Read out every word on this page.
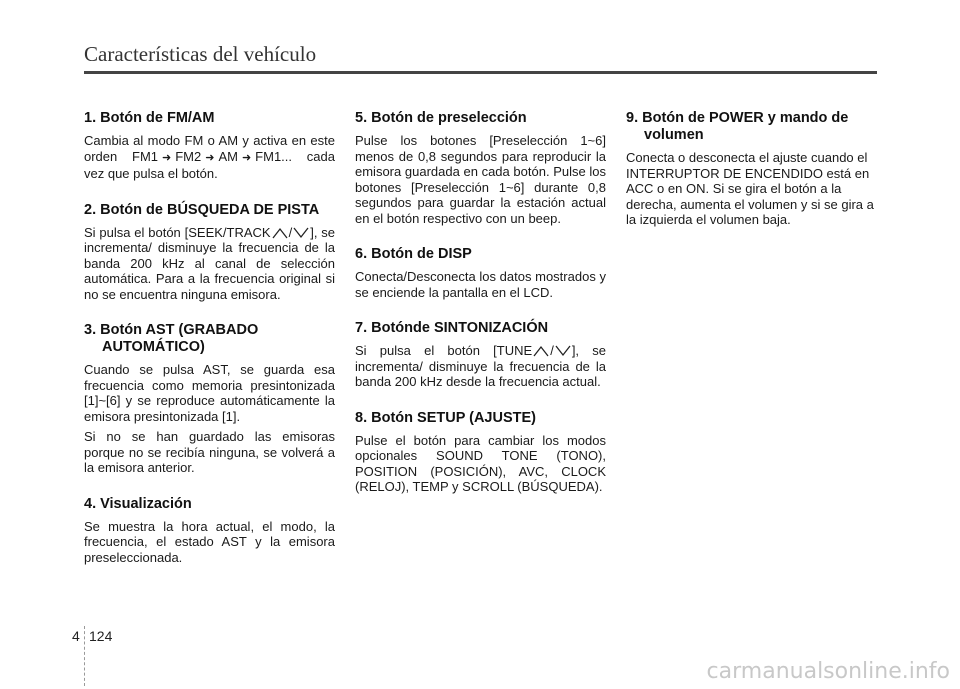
Características del vehículo
1. Botón de FM/AM

Cambia al modo FM o AM y activa en este orden FM1 ➜ FM2 ➜ AM ➜ FM1... cada vez que pulsa el botón.

2. Botón de BÚSQUEDA DE PISTA

Si pulsa el botón [SEEK/TRACK / ], se incrementa/ disminuye la frecuencia de la banda 200 kHz al canal de selección automática. Para a la frecuencia original si no se encuentra ninguna emisora.

3. Botón AST (GRABADO AUTOMÁTICO)

Cuando se pulsa AST, se guarda esa frecuencia como memoria presintonizada [1]~[6] y se reproduce automáticamente la emisora presintonizada [1].

Si no se han guardado las emisoras porque no se recibía ninguna, se volverá a la emisora anterior.

4. Visualización

Se muestra la hora actual, el modo, la frecuencia, el estado AST y la emisora preseleccionada.

5. Botón de preselección

Pulse los botones [Preselección 1~6] menos de 0,8 segundos para reproducir la emisora guardada en cada botón. Pulse los botones [Preselección 1~6] durante 0,8 segundos para guardar la estación actual en el botón respectivo con un beep.

6. Botón de DISP

Conecta/Desconecta los datos mostrados y se enciende la pantalla en el LCD.

7. Botónde SINTONIZACIÓN

Si pulsa el botón [TUNE / ], se incrementa/ disminuye la frecuencia de la banda 200 kHz desde la frecuencia actual.

8. Botón SETUP (AJUSTE)

Pulse el botón para cambiar los modos opcionales SOUND TONE (TONO), POSITION (POSICIÓN), AVC, CLOCK (RELOJ), TEMP y SCROLL (BÚSQUEDA).

9. Botón de POWER y mando de volumen

Conecta o desconecta el ajuste cuando el INTERRUPTOR DE ENCENDIDO está en ACC o en ON. Si se gira el botón a la derecha, aumenta el volumen y si se gira a la izquierda el volumen baja.

4 124
carmanualsonline.info
